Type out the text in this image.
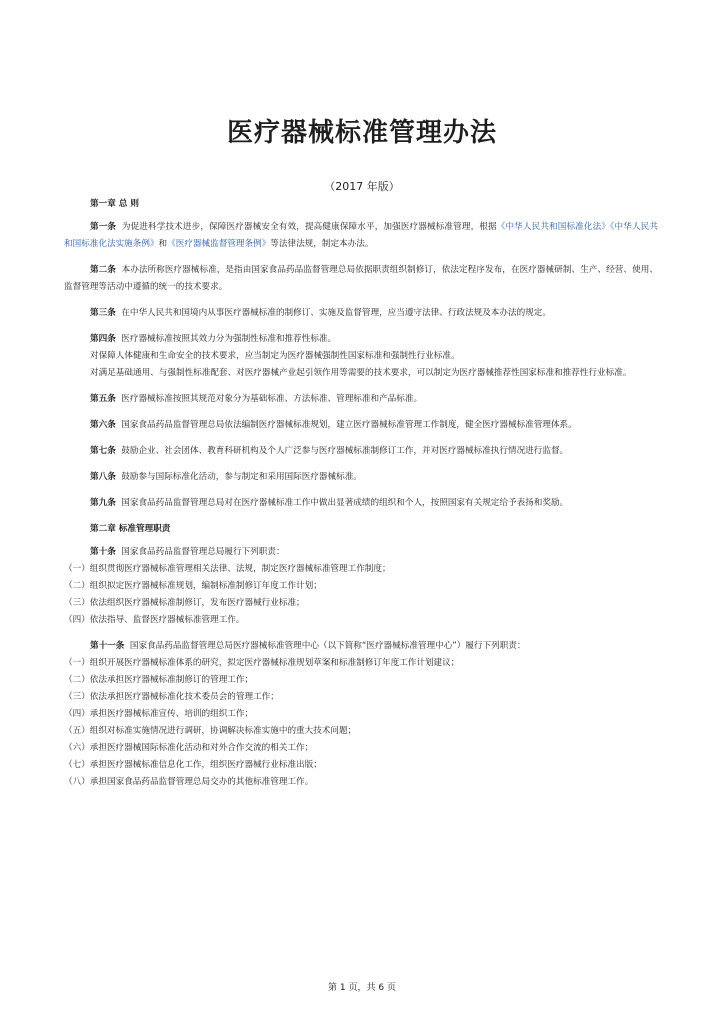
医疗器械标准管理办法
（2017 年版）
第一章 总 则
第一条 为促进科学技术进步，保障医疗器械安全有效，提高健康保障水平，加强医疗器械标准管理，根据《中华人民共和国标准化法》《中华人民共和国标准化法实施条例》和《医疗器械监督管理条例》等法律法规，制定本办法。
第二条 本办法所称医疗器械标准，是指由国家食品药品监督管理总局依据职责组织制修订，依法定程序发布，在医疗器械研制、生产、经营、使用、监督管理等活动中遵循的统一的技术要求。
第三条 在中华人民共和国境内从事医疗器械标准的制修订、实施及监督管理，应当遵守法律、行政法规及本办法的规定。
第四条 医疗器械标准按照其效力分为强制性标准和推荐性标准。
对保障人体健康和生命安全的技术要求，应当制定为医疗器械强制性国家标准和强制性行业标准。
对满足基础通用、与强制性标准配套、对医疗器械产业起引领作用等需要的技术要求，可以制定为医疗器械推荐性国家标准和推荐性行业标准。
第五条 医疗器械标准按照其规范对象分为基础标准、方法标准、管理标准和产品标准。
第六条 国家食品药品监督管理总局依法编制医疗器械标准规划，建立医疗器械标准管理工作制度，健全医疗器械标准管理体系。
第七条 鼓励企业、社会团体、教育科研机构及个人广泛参与医疗器械标准制修订工作，并对医疗器械标准执行情况进行监督。
第八条 鼓励参与国际标准化活动，参与制定和采用国际医疗器械标准。
第九条 国家食品药品监督管理总局对在医疗器械标准工作中做出显著成绩的组织和个人，按照国家有关规定给予表扬和奖励。
第二章 标准管理职责
第十条 国家食品药品监督管理总局履行下列职责：
（一）组织贯彻医疗器械标准管理相关法律、法规，制定医疗器械标准管理工作制度；
（二）组织拟定医疗器械标准规划，编制标准制修订年度工作计划；
（三）依法组织医疗器械标准制修订，发布医疗器械行业标准；
（四）依法指导、监督医疗器械标准管理工作。
第十一条 国家食品药品监督管理总局医疗器械标准管理中心（以下简称“医疗器械标准管理中心”）履行下列职责：
（一）组织开展医疗器械标准体系的研究，拟定医疗器械标准规划草案和标准制修订年度工作计划建议；
（二）依法承担医疗器械标准制修订的管理工作；
（三）依法承担医疗器械标准化技术委员会的管理工作；
（四）承担医疗器械标准宣传、培训的组织工作；
（五）组织对标准实施情况进行调研，协调解决标准实施中的重大技术问题；
（六）承担医疗器械国际标准化活动和对外合作交流的相关工作；
（七）承担医疗器械标准信息化工作，组织医疗器械行业标准出版；
（八）承担国家食品药品监督管理总局交办的其他标准管理工作。
第 1 页，共 6 页
